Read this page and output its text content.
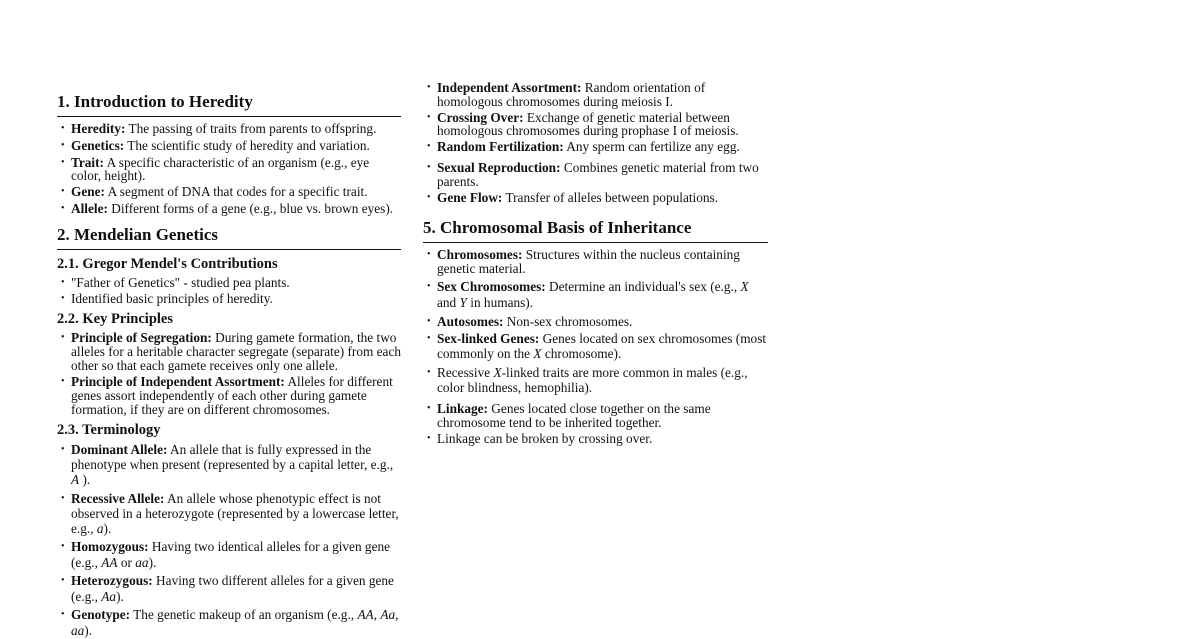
1. Introduction to Heredity
• Heredity: The passing of traits from parents to offspring.
• Genetics: The scientific study of heredity and variation.
• Trait: A specific characteristic of an organism (e.g., eye color, height).
• Gene: A segment of DNA that codes for a specific trait.
• Allele: Different forms of a gene (e.g., blue vs. brown eyes).
2. Mendelian Genetics
2.1. Gregor Mendel's Contributions
• "Father of Genetics" - studied pea plants.
• Identified basic principles of heredity.
2.2. Key Principles
• Principle of Segregation: During gamete formation, the two alleles for a heritable character segregate (separate) from each other so that each gamete receives only one allele.
• Principle of Independent Assortment: Alleles for different genes assort independently of each other during gamete formation, if they are on different chromosomes.
2.3. Terminology
• Dominant Allele: An allele that is fully expressed in the phenotype when present (represented by a capital letter, e.g., A ).
• Recessive Allele: An allele whose phenotypic effect is not observed in a heterozygote (represented by a lowercase letter, e.g., a).
• Homozygous: Having two identical alleles for a given gene (e.g., AA or aa).
• Heterozygous: Having two different alleles for a given gene (e.g., Aa).
• Genotype: The genetic makeup of an organism (e.g., AA, Aa, aa).
• Independent Assortment: Random orientation of homologous chromosomes during meiosis I.
• Crossing Over: Exchange of genetic material between homologous chromosomes during prophase I of meiosis.
• Random Fertilization: Any sperm can fertilize any egg.
• Sexual Reproduction: Combines genetic material from two parents.
• Gene Flow: Transfer of alleles between populations.
5. Chromosomal Basis of Inheritance
• Chromosomes: Structures within the nucleus containing genetic material.
• Sex Chromosomes: Determine an individual's sex (e.g., X and Y in humans).
• Autosomes: Non-sex chromosomes.
• Sex-linked Genes: Genes located on sex chromosomes (most commonly on the X chromosome).
• Recessive X-linked traits are more common in males (e.g., color blindness, hemophilia).
• Linkage: Genes located close together on the same chromosome tend to be inherited together.
• Linkage can be broken by crossing over.
